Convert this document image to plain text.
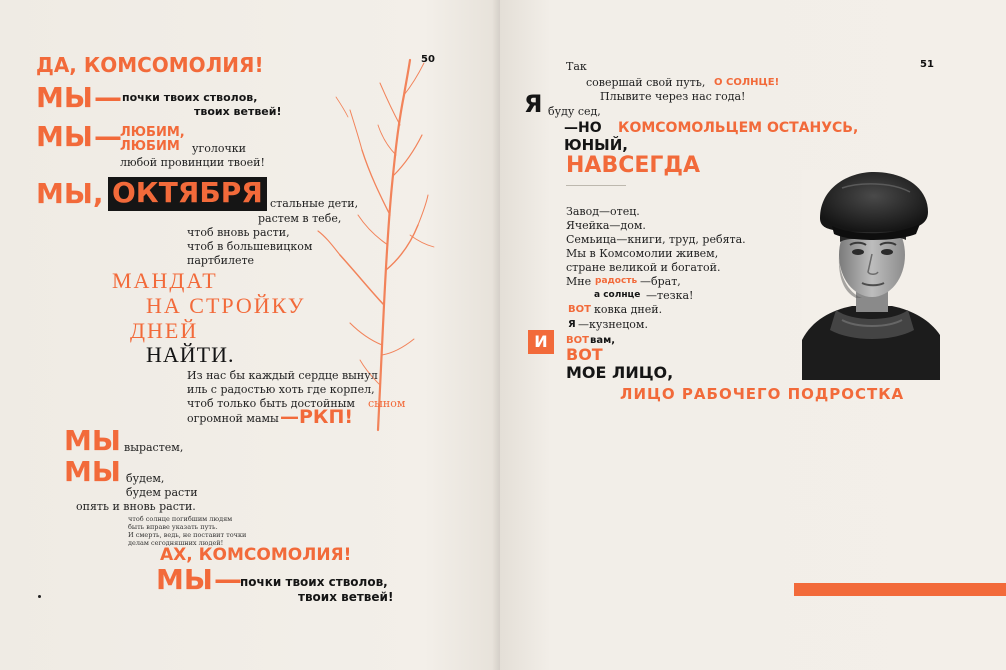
50
ДА, КОМСОМОЛИЯ!
МЫ — почки твоих стволов,
твоих ветвей!
МЫ —
ЛЮБИМ,
ЛЮБИМ уголочки
любой провинции твоей!
МЫ, ОКТЯБРЯ стальные дети,
растем в тебе,
чтоб вновь расти,
чтоб в большевицком
партбилете
МАНДАТ
НА СТРОЙКУ
ДНЕЙ
НАЙТИ.
Из нас бы каждый сердце вынул
иль с радостью хоть где корпел,
чтоб только быть достойным сыном
огромной мамы —РКП!
МЫ вырастем,
МЫ будем,
будем расти
опять и вновь расти.
чтоб солнце погибшим людям
быть вправе указать путь.
И смерть, ведь, не поставит точки
делам сегодняшних людей!
АХ, КОМСОМОЛИЯ!
МЫ —
почки твоих стволов,
твоих ветвей!
51
Так
совершай свой путь, О СОЛНЦЕ!
Плывите через нас года!
Я буду сед,
—НО КОМСОМОЛЬЦЕМ ОСТАНУСЬ,
ЮНЫЙ,
НАВСЕГДА
Завод—отец.
Ячейка—дом.
Семьица—книги, труд, ребята.
Мы в Комсомолии живем,
стране великой и богатой.
Мне радость —брат,
а солнце —тезка!
ВОТ ковка дней.
Я —кузнецом.
И	ВОТ вам,
ВОТ
МОЕ ЛИЦО,
ЛИЦО РАБОЧЕГО ПОДРОСТКА
